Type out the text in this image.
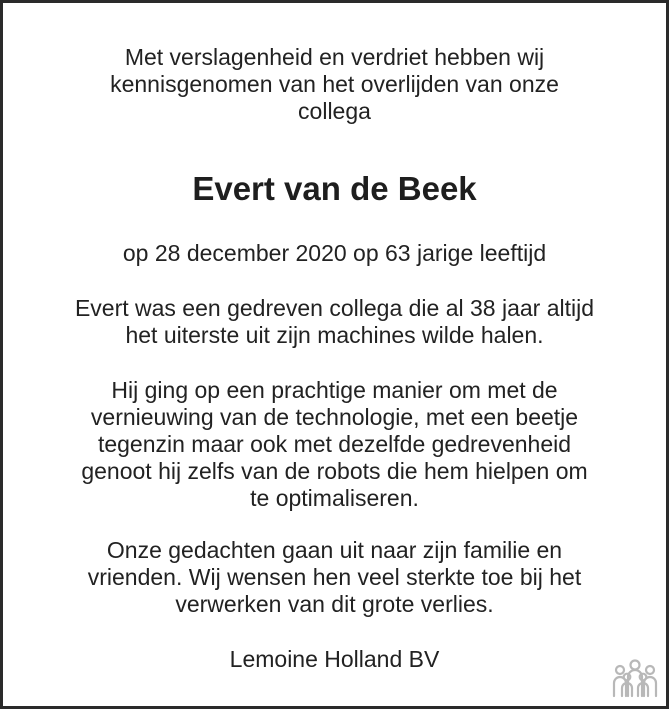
Met verslagenheid en verdriet hebben wij
kennisgenomen van het overlijden van onze
collega
Evert van de Beek
op 28 december 2020 op 63 jarige leeftijd
Evert was een gedreven collega die al 38 jaar altijd
het uiterste uit zijn machines wilde halen.
Hij ging op een prachtige manier om met de
vernieuwing van de technologie, met een beetje
tegenzin maar ook met dezelfde gedrevenheid
genoot hij zelfs van de robots die hem hielpen om
te optimaliseren.
Onze gedachten gaan uit naar zijn familie en
vrienden. Wij wensen hen veel sterkte toe bij het
verwerken van dit grote verlies.
Lemoine Holland BV
